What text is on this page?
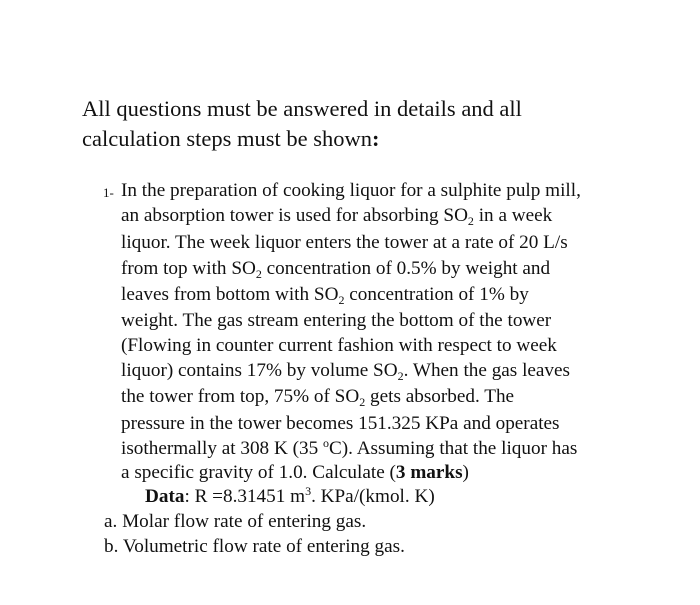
All questions must be answered in details and all
calculation steps must be shown:
1- In the preparation of cooking liquor for a sulphite pulp mill,

an absorption tower is used for absorbing $SO_2$ in a week

liquor. The week liquor enters the tower at a rate of 20 L/s

from top with $SO_2$ concentration of 0.5% by weight and

leaves from bottom with $SO_2$ concentration of 1% by

weight. The gas stream entering the bottom of the tower

(Flowing in counter current fashion with respect to week

liquor) contains 17% by volume $SO_2$. When the gas leaves

the tower from top, 75% of $SO_2$ gets absorbed. The

pressure in the tower becomes 151.325 KPa and operates

isothermally at 308 K (35 $^o$C). Assuming that the liquor has

a specific gravity of 1.0. Calculate (3 marks)

Data: R =8.31451 $m^3$. KPa/(kmol. K)

a. Molar flow rate of entering gas.

b. Volumetric flow rate of entering gas.
